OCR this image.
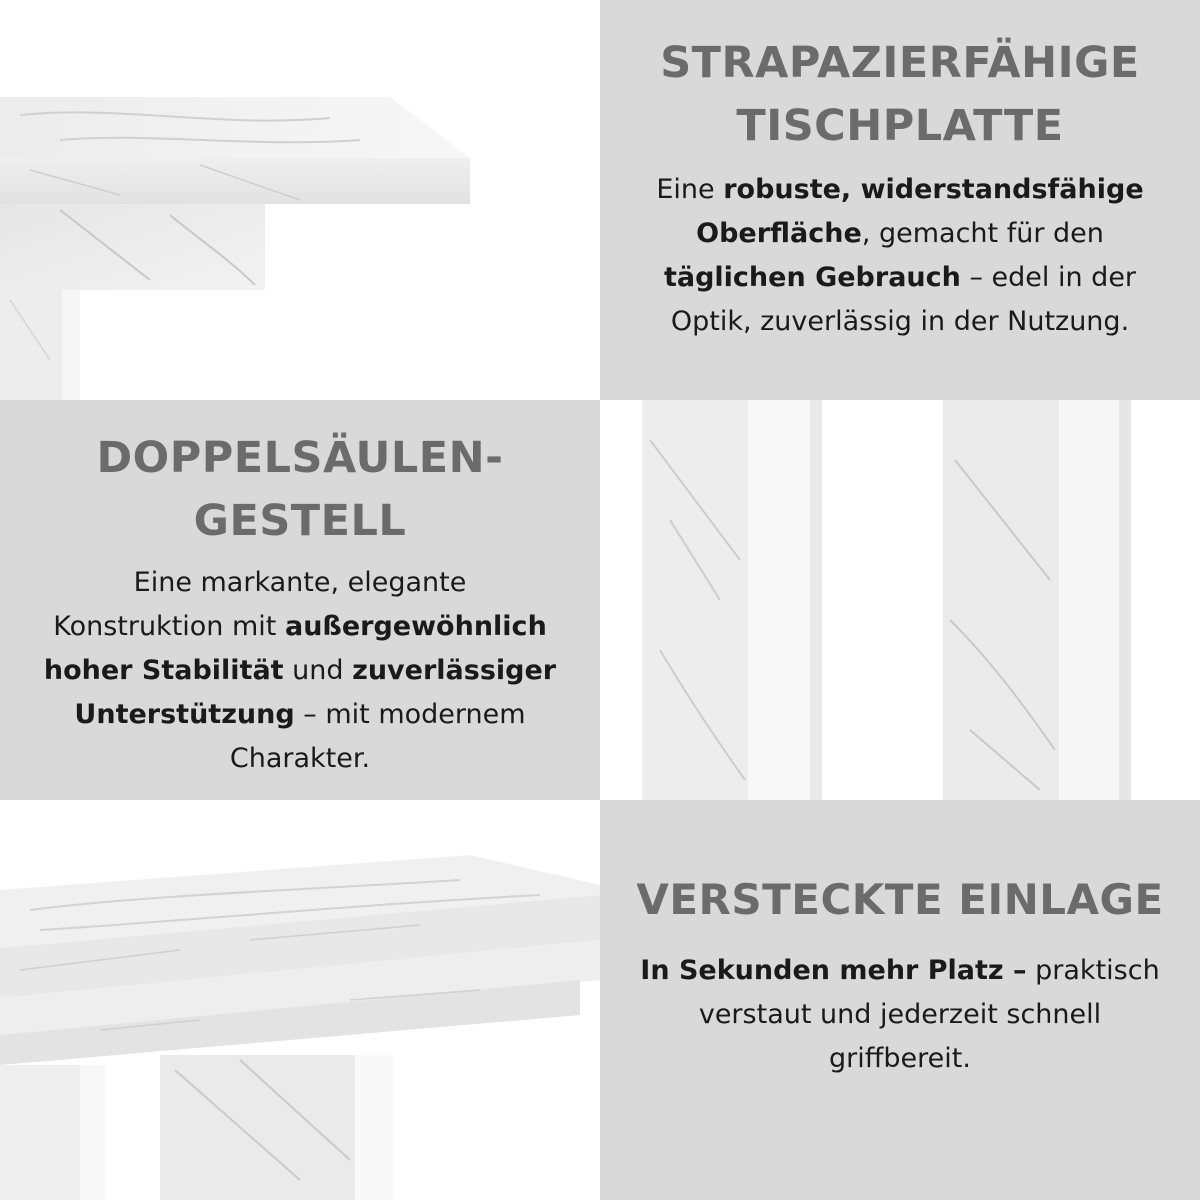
STRAPAZIERFÄHIGE
TISCHPLATTE

Eine robuste, widerstandsfähige
Oberfläche, gemacht für den
täglichen Gebrauch – edel in der
Optik, zuverlässig in der Nutzung.

DOPPELSÄULEN-
GESTELL

Eine markante, elegante
Konstruktion mit außergewöhnlich
hoher Stabilität und zuverlässiger
Unterstützung – mit modernem
Charakter.

VERSTECKTE EINLAGE

In Sekunden mehr Platz – praktisch
verstaut und jederzeit schnell
griffbereit.
